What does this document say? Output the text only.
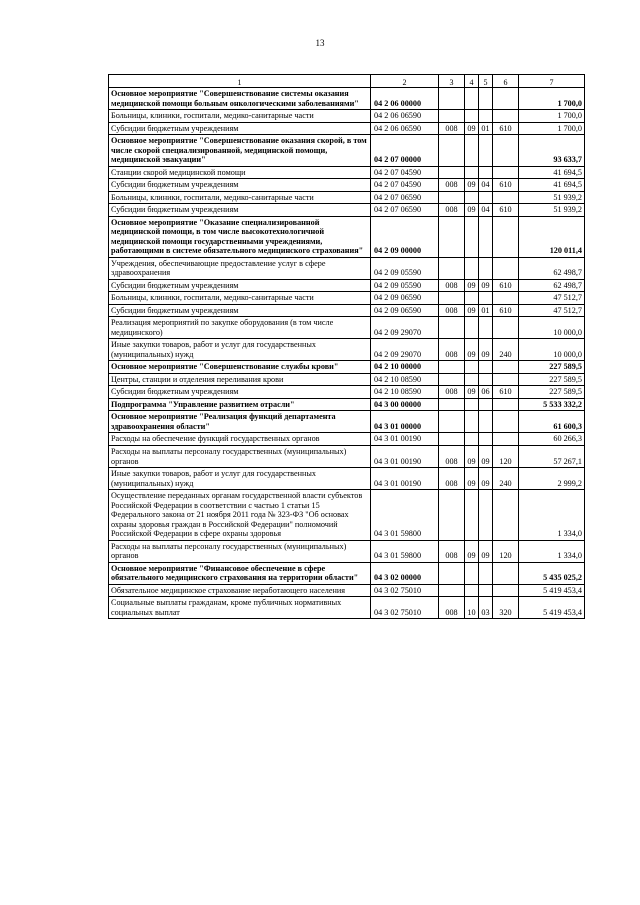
13
1	2	3	4	5	6	7
Основное мероприятие "Совершенствование системы оказания медицинской помощи больным онкологическими заболеваниями"	04 2 06 00000					1 700,0
Больницы, клиники, госпитали, медико-санитарные части	04 2 06 06590					1 700,0
Субсидии бюджетным учреждениям	04 2 06 06590	008	09	01	610	1 700,0
Основное мероприятие "Совершенствование оказания скорой, в том числе скорой специализированной, медицинской помощи, медицинской эвакуации"	04 2 07 00000					93 633,7
Станции скорой медицинской помощи	04 2 07 04590					41 694,5
Субсидии бюджетным учреждениям	04 2 07 04590	008	09	04	610	41 694,5
Больницы, клиники, госпитали, медико-санитарные части	04 2 07 06590					51 939,2
Субсидии бюджетным учреждениям	04 2 07 06590	008	09	04	610	51 939,2
Основное мероприятие "Оказание специализированной медицинской помощи, в том числе высокотехнологичной медицинской помощи государственными учреждениями, работающими в системе обязательного медицинского страхования"	04 2 09 00000					120 011,4
Учреждения, обеспечивающие предоставление услуг в сфере здравоохранения	04 2 09 05590					62 498,7
Субсидии бюджетным учреждениям	04 2 09 05590	008	09	09	610	62 498,7
Больницы, клиники, госпитали, медико-санитарные части	04 2 09 06590					47 512,7
Субсидии бюджетным учреждениям	04 2 09 06590	008	09	01	610	47 512,7
Реализация мероприятий по закупке оборудования (в том числе медицинского)	04 2 09 29070					10 000,0
Иные закупки товаров, работ и услуг для государственных (муниципальных) нужд	04 2 09 29070	008	09	09	240	10 000,0
Основное мероприятие "Совершенствование службы крови"	04 2 10 00000					227 589,5
Центры, станции и отделения переливания крови	04 2 10 08590					227 589,5
Субсидии бюджетным учреждениям	04 2 10 08590	008	09	06	610	227 589,5
Подпрограмма "Управление развитием отрасли"	04 3 00 00000					5 533 332,2
Основное мероприятие "Реализация функций департамента здравоохранения области"	04 3 01 00000					61 600,3
Расходы на обеспечение функций государственных органов	04 3 01 00190					60 266,3
Расходы на выплаты персоналу государственных (муниципальных) органов	04 3 01 00190	008	09	09	120	57 267,1
Иные закупки товаров, работ и услуг для государственных (муниципальных) нужд	04 3 01 00190	008	09	09	240	2 999,2
Осуществление переданных органам государственной власти субъектов Российской Федерации в соответствии с частью 1 статьи 15 Федерального закона от 21 ноября 2011 года № 323-ФЗ "Об основах охраны здоровья граждан в Российской Федерации" полномочий Российской Федерации в сфере охраны здоровья	04 3 01 59800					1 334,0
Расходы на выплаты персоналу государственных (муниципальных) органов	04 3 01 59800	008	09	09	120	1 334,0
Основное мероприятие "Финансовое обеспечение в сфере обязательного медицинского страхования на территории области"	04 3 02 00000					5 435 025,2
Обязательное медицинское страхование неработающего населения	04 3 02 75010					5 419 453,4
Социальные выплаты гражданам, кроме публичных нормативных социальных выплат	04 3 02 75010	008	10	03	320	5 419 453,4
